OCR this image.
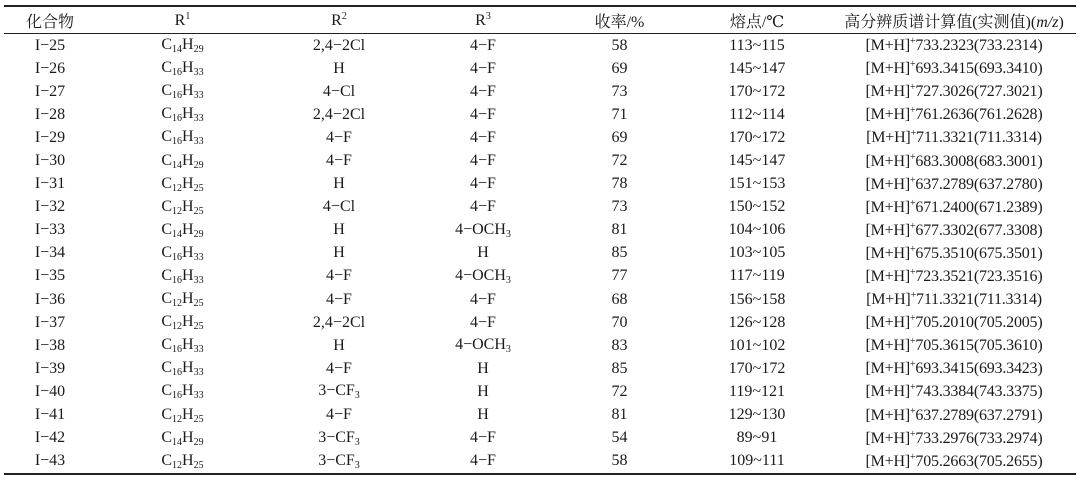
化合物	$R^1$	$R^2$	$R^3$	收率/%	熔点/℃	高分辨质谱计算值(实测值)(m/z)
I−25	$C_{14}H_{29}$	2,4−2Cl	4−F	58	113~115	[M+H]+733.2323(733.2314)
I−26	$C_{16}H_{33}$	H	4−F	69	145~147	[M+H]+693.3415(693.3410)
I−27	$C_{16}H_{33}$	4−Cl	4−F	73	170~172	[M+H]+727.3026(727.3021)
I−28	$C_{16}H_{33}$	2,4−2Cl	4−F	71	112~114	[M+H]+761.2636(761.2628)
I−29	$C_{16}H_{33}$	4−F	4−F	69	170~172	[M+H]+711.3321(711.3314)
I−30	$C_{14}H_{29}$	4−F	4−F	72	145~147	[M+H]+683.3008(683.3001)
I−31	$C_{12}H_{25}$	H	4−F	78	151~153	[M+H]+637.2789(637.2780)
I−32	$C_{12}H_{25}$	4−Cl	4−F	73	150~152	[M+H]+671.2400(671.2389)
I−33	$C_{14}H_{29}$	H	$4-OCH_3$	81	104~106	[M+H]+677.3302(677.3308)
I−34	$C_{16}H_{33}$	H	H	85	103~105	[M+H]+675.3510(675.3501)
I−35	$C_{16}H_{33}$	4−F	$4-OCH_3$	77	117~119	[M+H]+723.3521(723.3516)
I−36	$C_{12}H_{25}$	4−F	4−F	68	156~158	[M+H]+711.3321(711.3314)
I−37	$C_{12}H_{25}$	2,4−2Cl	4−F	70	126~128	[M+H]+705.2010(705.2005)
I−38	$C_{16}H_{33}$	H	$4-OCH_3$	83	101~102	[M+H]+705.3615(705.3610)
I−39	$C_{16}H_{33}$	4−F	H	85	170~172	[M+H]+693.3415(693.3423)
I−40	$C_{16}H_{33}$	$3-CF_3$	H	72	119~121	[M+H]+743.3384(743.3375)
I−41	$C_{12}H_{25}$	4−F	H	81	129~130	[M+H]+637.2789(637.2791)
I−42	$C_{14}H_{29}$	$3-CF_3$	4−F	54	89~91	[M+H]+733.2976(733.2974)
I−43	$C_{12}H_{25}$	$3-CF_3$	4−F	58	109~111	[M+H]+705.2663(705.2655)
